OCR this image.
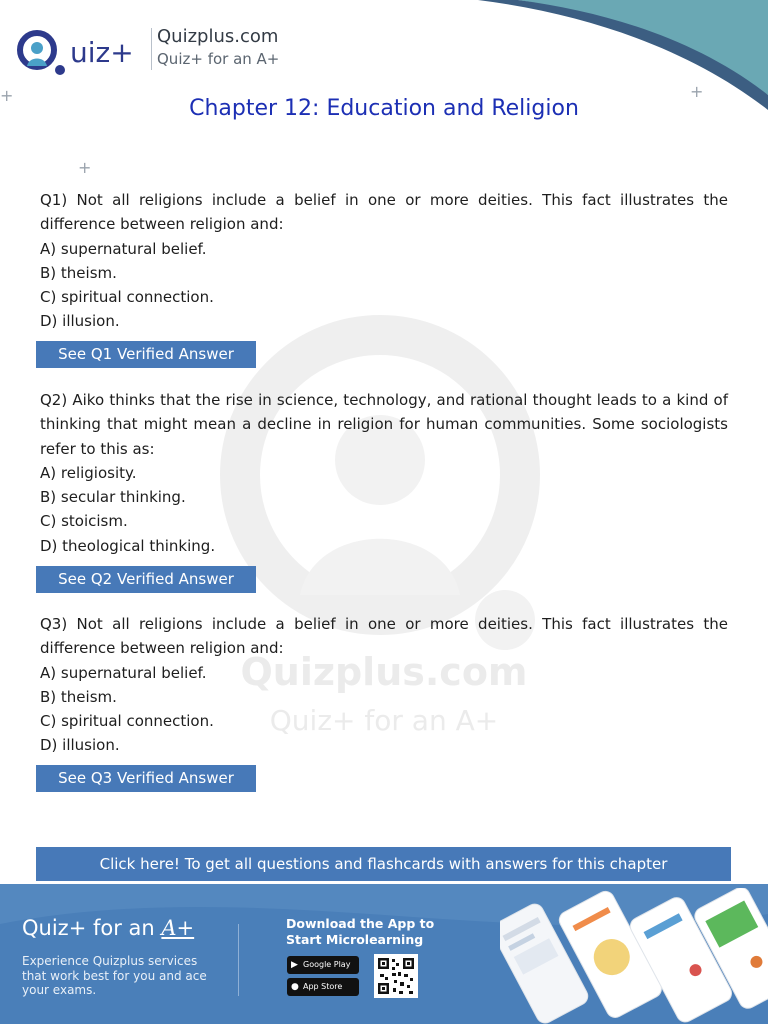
+	+
+
uiz+ Quizplus.com
Quiz+ for an A+
Chapter 12: Education and Religion
Quizplus.com
Quiz+ for an A+
Q1) Not all religions include a belief in one or more deities. This fact illustrates the difference between religion and:
A) supernatural belief.
B) theism.
C) spiritual connection.
D) illusion.
See Q1 Verified Answer
Q2) Aiko thinks that the rise in science, technology, and rational thought leads to a kind of thinking that might mean a decline in religion for human communities. Some sociologists refer to this as:
A) religiosity.
B) secular thinking.
C) stoicism.
D) theological thinking.
See Q2 Verified Answer
Q3) Not all religions include a belief in one or more deities. This fact illustrates the difference between religion and:
A) supernatural belief.
B) theism.
C) spiritual connection.
D) illusion.
See Q3 Verified Answer
Click here! To get all questions and flashcards with answers for this chapter
Quiz+ for an A+
Experience Quizplus services that work best for you and ace your exams.
Download the App to Start Microlearning
▶ Google Play
● App Store
